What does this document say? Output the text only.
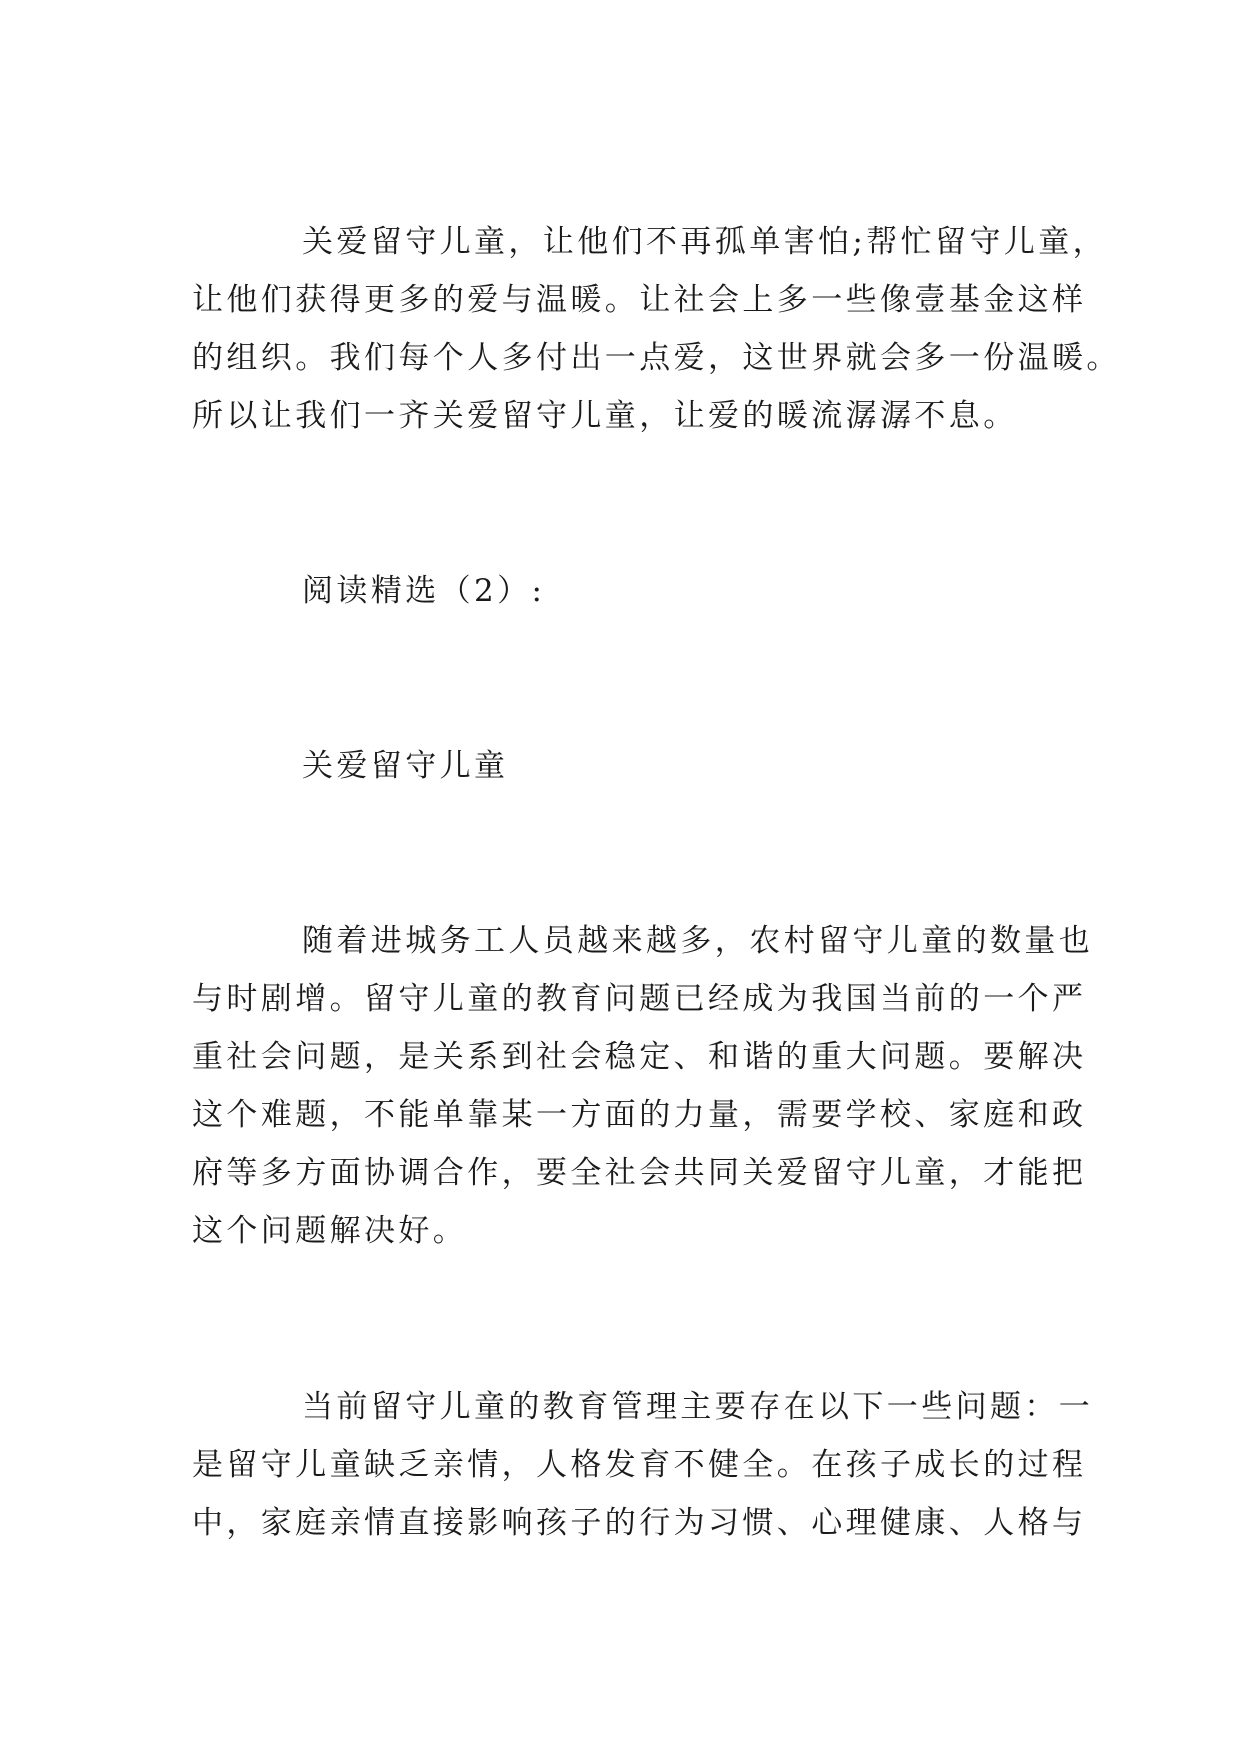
关爱留守儿童，让他们不再孤单害怕;帮忙留守儿童，
让他们获得更多的爱与温暖。让社会上多一些像壹基金这样
的组织。我们每个人多付出一点爱，这世界就会多一份温暖。
所以让我们一齐关爱留守儿童，让爱的暖流潺潺不息。
阅读精选（2）:
关爱留守儿童
随着进城务工人员越来越多，农村留守儿童的数量也
与时剧增。留守儿童的教育问题已经成为我国当前的一个严
重社会问题，是关系到社会稳定、和谐的重大问题。要解决
这个难题，不能单靠某一方面的力量，需要学校、家庭和政
府等多方面协调合作，要全社会共同关爱留守儿童，才能把
这个问题解决好。
当前留守儿童的教育管理主要存在以下一些问题：一
是留守儿童缺乏亲情，人格发育不健全。在孩子成长的过程
中，家庭亲情直接影响孩子的行为习惯、心理健康、人格与
